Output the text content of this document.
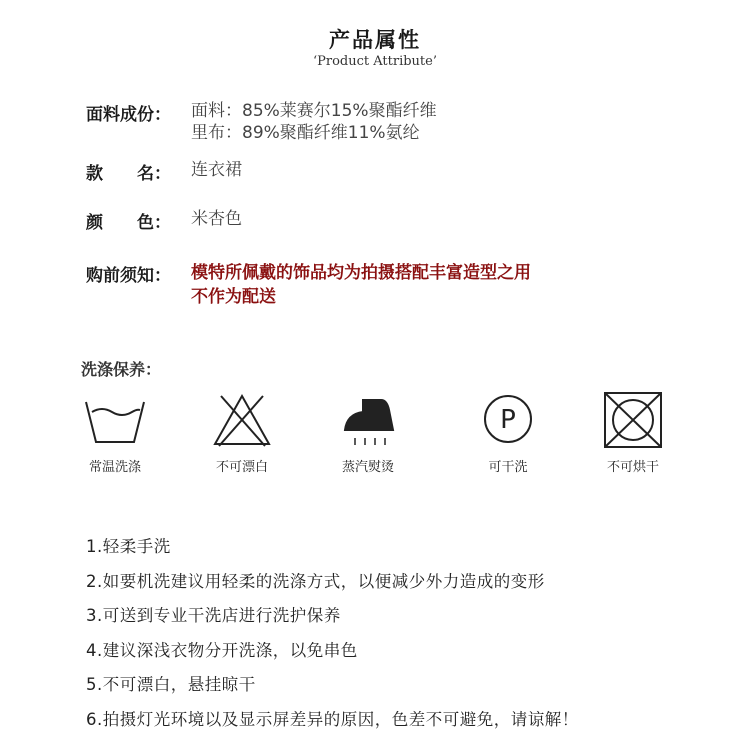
产品属性
‘Product Attribute’
面料成份： 面料：85%莱赛尔15%聚酯纤维
里布：89%聚酯纤维11%氨纶
款　　名： 连衣裙
颜　　色： 米杏色
购前须知： 模特所佩戴的饰品均为拍摄搭配丰富造型之用
不作为配送
洗涤保养：
常温洗涤	不可漂白	蒸汽熨烫
P
可干洗	不可烘干
1.轻柔手洗
2.如要机洗建议用轻柔的洗涤方式，以便减少外力造成的变形
3.可送到专业干洗店进行洗护保养
4.建议深浅衣物分开洗涤，以免串色
5.不可漂白，悬挂晾干
6.拍摄灯光环境以及显示屏差异的原因，色差不可避免，请谅解！
